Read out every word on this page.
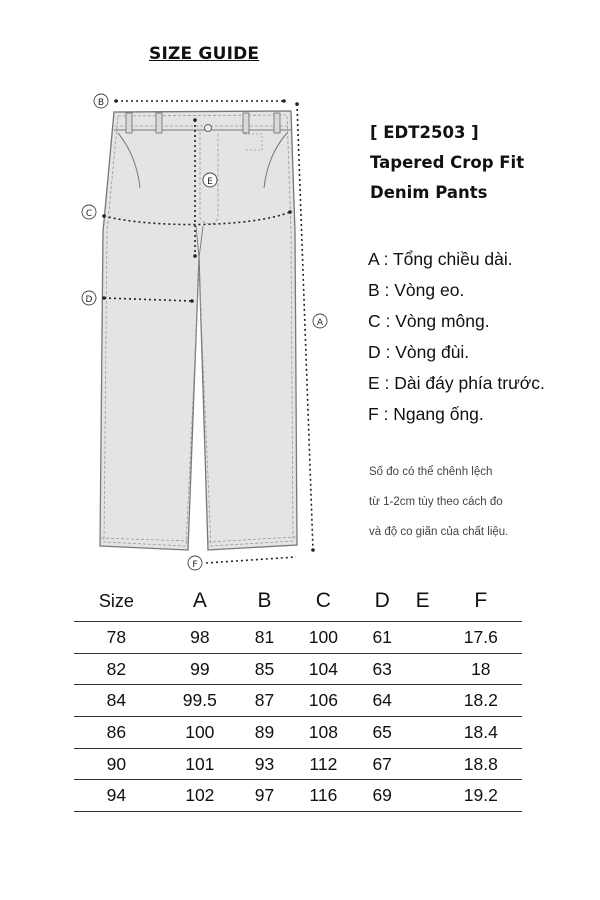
SIZE GUIDE
B
E
C
D
A
F
[ EDT2503 ]
Tapered Crop Fit
Denim Pants
A : Tổng chiều dài.
B : Vòng eo.
C : Vòng mông.
D : Vòng đùi.
E : Dài đáy phía trước.
F : Ngang ống.
Số đo có thể chênh lệch
từ 1-2cm tùy theo cách đo
và độ co giãn của chất liệu.
Size	A	B	C	D	E	F
78	98	81	100	61		17.6
82	99	85	104	63		18
84	99.5	87	106	64		18.2
86	100	89	108	65		18.4
90	101	93	112	67		18.8
94	102	97	116	69		19.2
